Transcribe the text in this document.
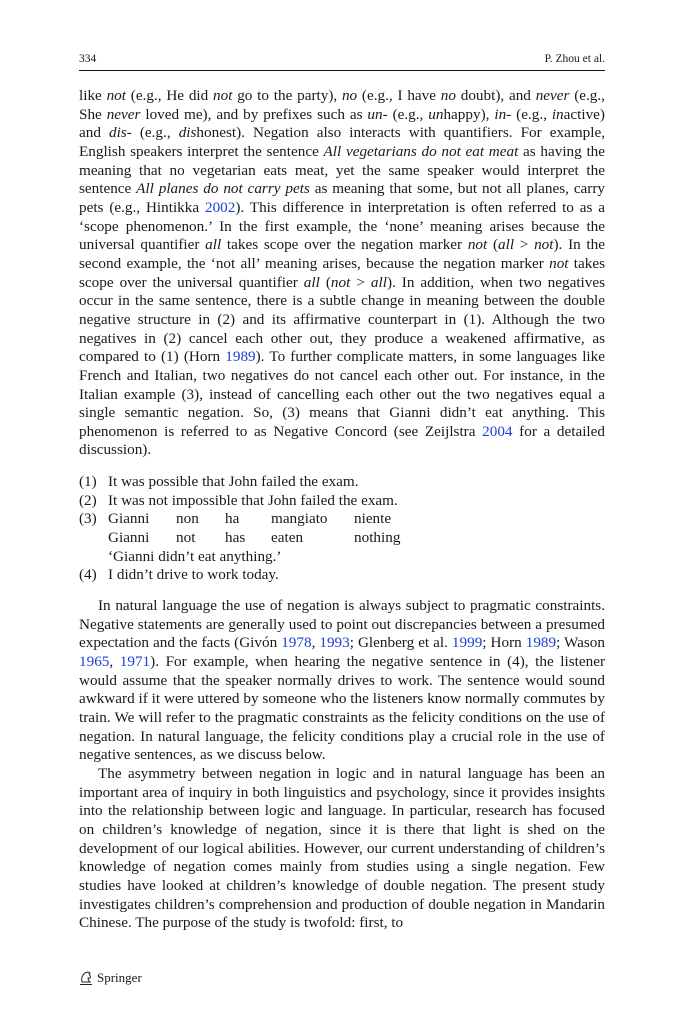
334	P. Zhou et al.

like not (e.g., He did not go to the party), no (e.g., I have no doubt), and never (e.g., She never loved me), and by prefixes such as un- (e.g., unhappy), in- (e.g., inactive) and dis- (e.g., dishonest). Negation also interacts with quantifiers. For example, English speakers interpret the sentence All vegetarians do not eat meat as having the meaning that no vegetarian eats meat, yet the same speaker would interpret the sentence All planes do not carry pets as meaning that some, but not all planes, carry pets (e.g., Hintikka 2002). This difference in interpretation is often referred to as a ‘scope phenomenon.’ In the first example, the ‘none’ meaning arises because the universal quantifier all takes scope over the negation marker not (all > not). In the second example, the ‘not all’ meaning arises, because the negation marker not takes scope over the universal quantifier all (not > all). In addition, when two negatives occur in the same sentence, there is a subtle change in meaning between the double negative structure in (2) and its affirmative counterpart in (1). Although the two negatives in (2) cancel each other out, they produce a weakened affirmative, as compared to (1) (Horn 1989). To further complicate matters, in some languages like French and Italian, two negatives do not cancel each other out. For instance, in the Italian example (3), instead of cancelling each other out the two negatives equal a single semantic negation. So, (3) means that Gianni didn’t eat anything. This phenomenon is referred to as Negative Concord (see Zeijlstra 2004 for a detailed discussion).

(1) It was possible that John failed the exam.
(2) It was not impossible that John failed the exam.
(3) Gianni	non	ha	mangiato	niente
Gianni	not	has	eaten	nothing
‘Gianni didn’t eat anything.’
(4) I didn’t drive to work today.

In natural language the use of negation is always subject to pragmatic constraints. Negative statements are generally used to point out discrepancies between a presumed expectation and the facts (Givón 1978, 1993; Glenberg et al. 1999; Horn 1989; Wason 1965, 1971). For example, when hearing the negative sentence in (4), the listener would assume that the speaker normally drives to work. The sentence would sound awkward if it were uttered by someone who the listeners know normally commutes by train. We will refer to the pragmatic constraints as the felicity conditions on the use of negation. In natural language, the felicity conditions play a crucial role in the use of negative sentences, as we discuss below.

The asymmetry between negation in logic and in natural language has been an important area of inquiry in both linguistics and psychology, since it provides insights into the relationship between logic and language. In particular, research has focused on children’s knowledge of negation, since it is there that light is shed on the development of our logical abilities. However, our current understanding of children’s knowledge of negation comes mainly from studies using a single negation. Few studies have looked at children’s knowledge of double negation. The present study investigates children’s comprehension and production of double negation in Mandarin Chinese. The purpose of the study is twofold: first, to

Springer
